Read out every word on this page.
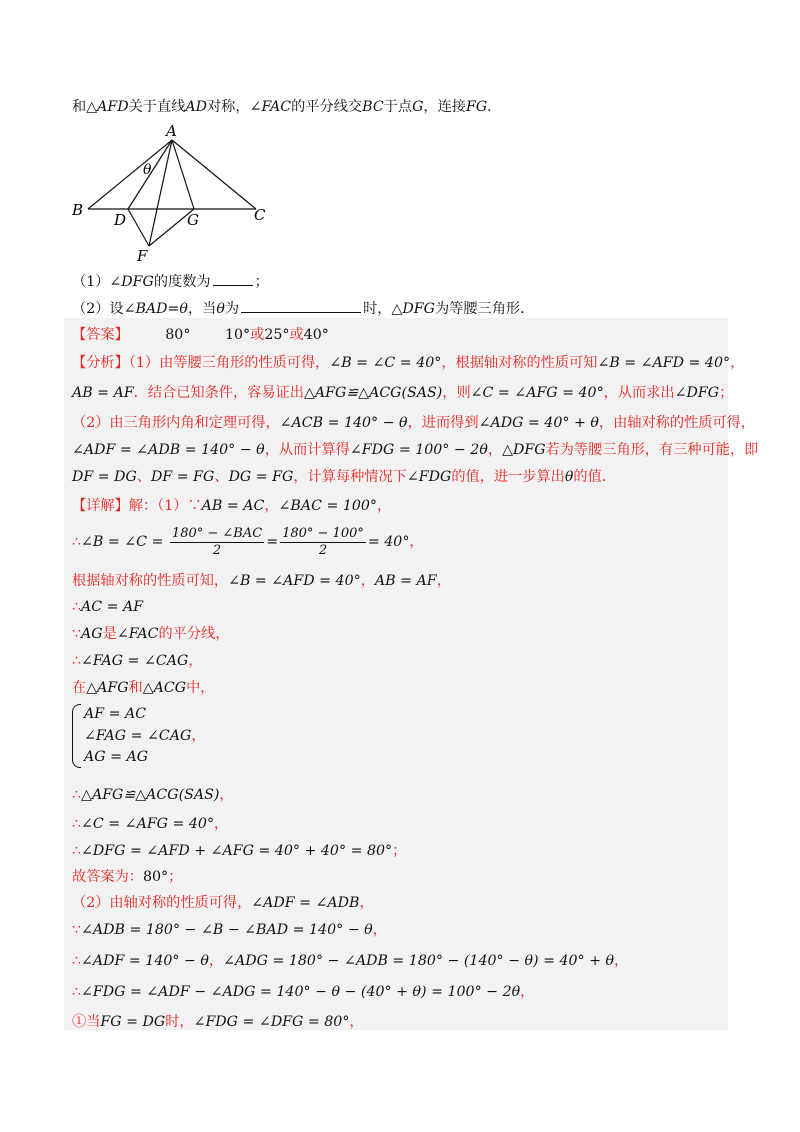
和△AFD关于直线AD对称，∠FAC的平分线交BC于点G，连接FG．
A
B	C
D	G
F
θ
（1）∠DFG的度数为	；
（2）设∠BAD=θ，当θ为	时，△DFG为等腰三角形．
【答案】	80° 10°或25°或40°
【分析】（1）由等腰三角形的性质可得，∠B = ∠C = 40°，根据轴对称的性质可知∠B = ∠AFD = 40°，
AB = AF．结合已知条件，容易证出△AFG≌△ACG(SAS)，则∠C = ∠AFG = 40°，从而求出∠DFG；
（2）由三角形内角和定理可得，∠ACB = 140° − θ，进而得到∠ADG = 40° + θ，由轴对称的性质可得，
∠ADF = ∠ADB = 140° − θ，从而计算得∠FDG = 100° − 2θ，△DFG若为等腰三角形，有三种可能，即
DF = DG、DF = FG、DG = FG，计算每种情况下∠FDG的值，进一步算出θ的值．
【详解】解：（1）∵AB = AC，∠BAC = 100°，
∴∠B = ∠C = $\frac{\text{180° − ∠BAC}}{2} = \frac{180^\circ - 100^\circ}{2} = 40^\circ$，
根据轴对称的性质可知，∠B = ∠AFD = 40°，AB = AF，
∴AC = AF
∵AG是∠FAC的平分线，
∴∠FAG = ∠CAG，
在△AFG和△ACG中，
AF = AC
∠FAG = ∠CAG，
AG = AG
∴△AFG≌△ACG(SAS)，
∴∠C = ∠AFG = 40°，
∴∠DFG = ∠AFD + ∠AFG = 40° + 40° = 80°；
故答案为：80°；
（2）由轴对称的性质可得，∠ADF = ∠ADB，
∵∠ADB = 180° − ∠B − ∠BAD = 140° − θ，
∴∠ADF = 140° − θ，∠ADG = 180° − ∠ADB = 180° − (140° − θ) = 40° + θ，
∴∠FDG = ∠ADF − ∠ADG = 140° − θ − (40° + θ) = 100° − 2θ，
①当FG = DG时，∠FDG = ∠DFG = 80°，
